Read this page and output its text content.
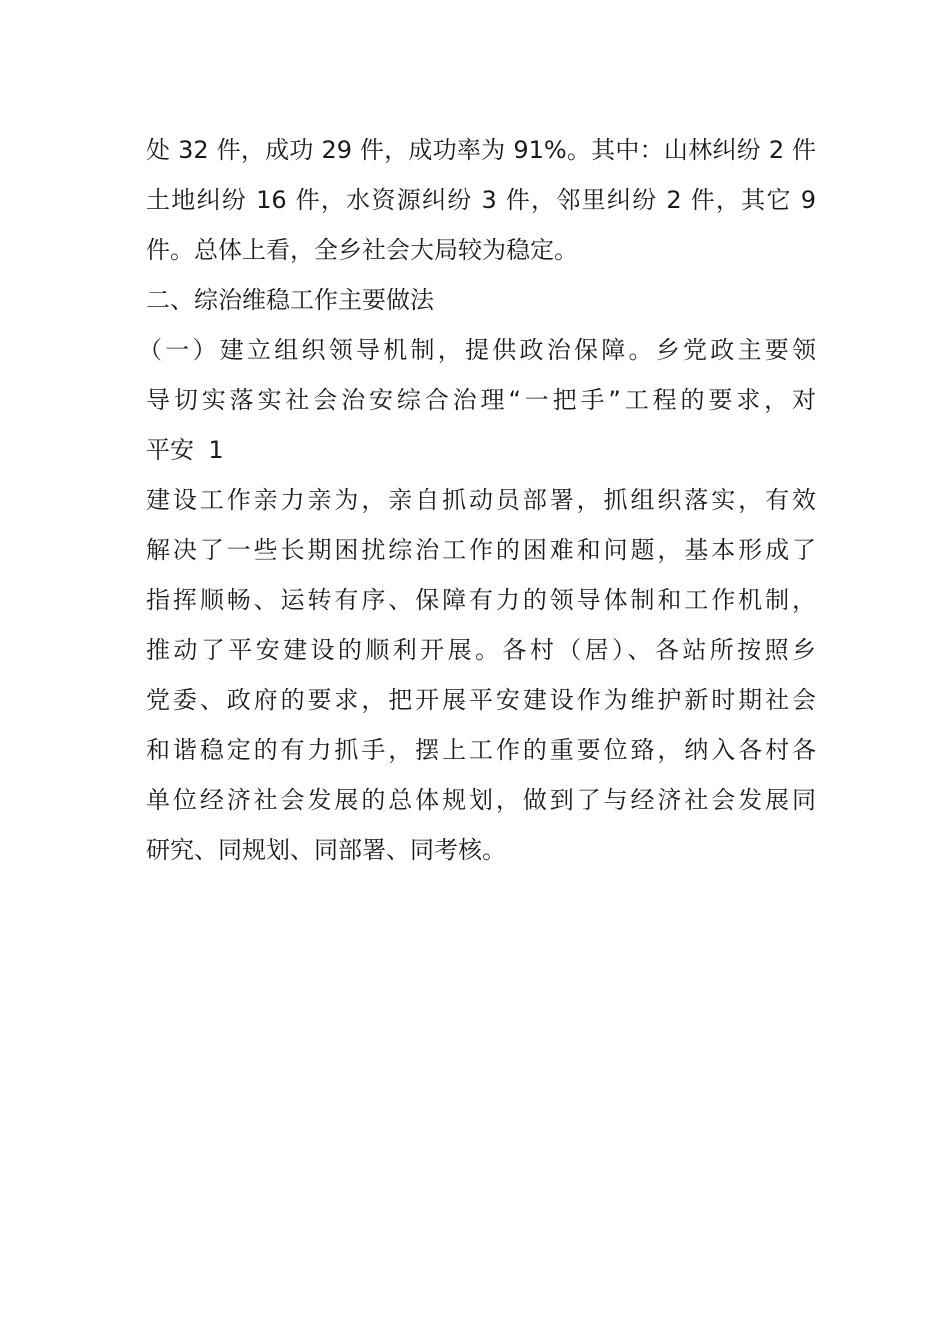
处 32 件，成功 29 件，成功率为 91%。其中：山林纠纷 2 件
土地纠纷 16 件，水资源纠纷 3 件，邻里纠纷 2 件，其它 9
件。总体上看，全乡社会大局较为稳定。
二、综治维稳工作主要做法
（一）建立组织领导机制，提供政治保障。乡党政主要领
导切实落实社会治安综合治理“一把手”工程的要求，对
平安 1
建设工作亲力亲为，亲自抓动员部署，抓组织落实，有效
解决了一些长期困扰综治工作的困难和问题，基本形成了
指挥顺畅、运转有序、保障有力的领导体制和工作机制，
推动了平安建设的顺利开展。各村（居）、各站所按照乡
党委、政府的要求，把开展平安建设作为维护新时期社会
和谐稳定的有力抓手，摆上工作的重要位臵，纳入各村各
单位经济社会发展的总体规划，做到了与经济社会发展同
研究、同规划、同部署、同考核。
